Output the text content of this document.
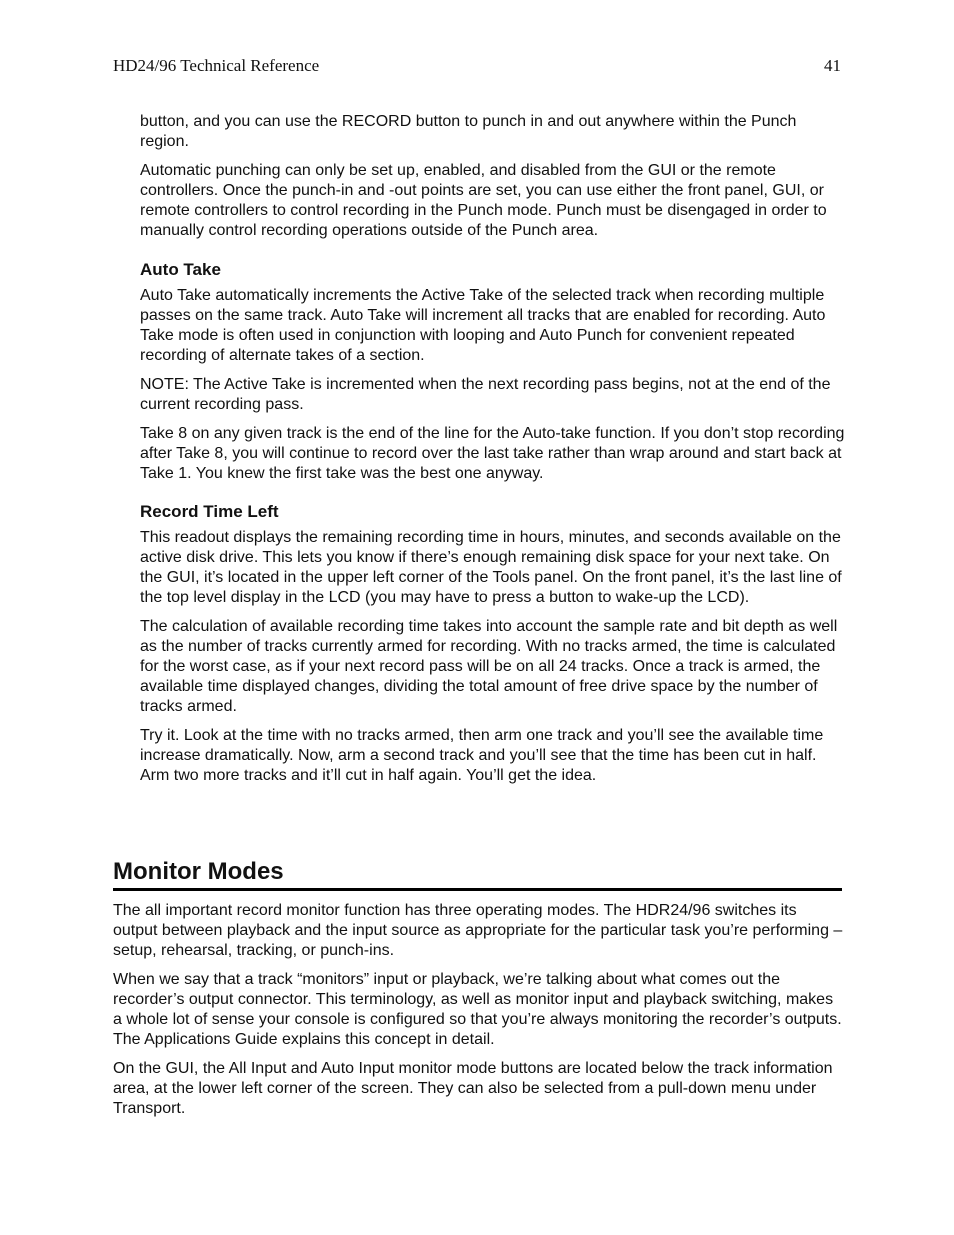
HD24/96 Technical Reference	41

button, and you can use the RECORD button to punch in and out anywhere within the Punch region.

Automatic punching can only be set up, enabled, and disabled from the GUI or the remote controllers. Once the punch-in and -out points are set, you can use either the front panel, GUI, or remote controllers to control recording in the Punch mode. Punch must be disengaged in order to manually control recording operations outside of the Punch area.

Auto Take

Auto Take automatically increments the Active Take of the selected track when recording multiple passes on the same track. Auto Take will increment all tracks that are enabled for recording. Auto Take mode is often used in conjunction with looping and Auto Punch for convenient repeated recording of alternate takes of a section.

NOTE: The Active Take is incremented when the next recording pass begins, not at the end of the current recording pass.

Take 8 on any given track is the end of the line for the Auto-take function. If you don’t stop recording after Take 8, you will continue to record over the last take rather than wrap around and start back at Take 1. You knew the first take was the best one anyway.

Record Time Left

This readout displays the remaining recording time in hours, minutes, and seconds available on the active disk drive. This lets you know if there’s enough remaining disk space for your next take. On the GUI, it’s located in the upper left corner of the Tools panel. On the front panel, it’s the last line of the top level display in the LCD (you may have to press a button to wake-up the LCD).

The calculation of available recording time takes into account the sample rate and bit depth as well as the number of tracks currently armed for recording. With no tracks armed, the time is calculated for the worst case, as if your next record pass will be on all 24 tracks. Once a track is armed, the available time displayed changes, dividing the total amount of free drive space by the number of tracks armed.

Try it. Look at the time with no tracks armed, then arm one track and you’ll see the available time increase dramatically. Now, arm a second track and you’ll see that the time has been cut in half. Arm two more tracks and it’ll cut in half again. You’ll get the idea.

Monitor Modes

The all important record monitor function has three operating modes. The HDR24/96 switches its output between playback and the input source as appropriate for the particular task you’re performing – setup, rehearsal, tracking, or punch-ins.

When we say that a track “monitors” input or playback, we’re talking about what comes out the recorder’s output connector. This terminology, as well as monitor input and playback switching, makes a whole lot of sense your console is configured so that you’re always monitoring the recorder’s outputs. The Applications Guide explains this concept in detail.

On the GUI, the All Input and Auto Input monitor mode buttons are located below the track information area, at the lower left corner of the screen. They can also be selected from a pull-down menu under Transport.
